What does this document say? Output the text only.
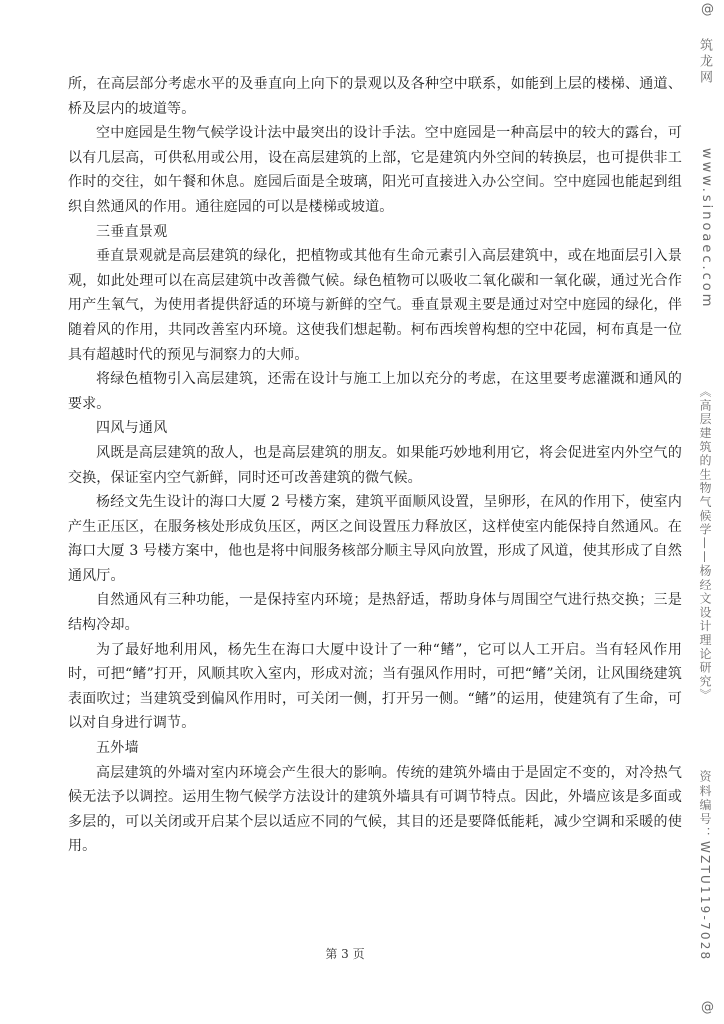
所，在高层部分考虑水平的及垂直向上向下的景观以及各种空中联系，如能到上层的楼梯、通道、桥及层内的坡道等。

空中庭园是生物气候学设计法中最突出的设计手法。空中庭园是一种高层中的较大的露台，可以有几层高，可供私用或公用，设在高层建筑的上部，它是建筑内外空间的转换层，也可提供非工作时的交往，如午餐和休息。庭园后面是全玻璃，阳光可直接进入办公空间。空中庭园也能起到组织自然通风的作用。通往庭园的可以是楼梯或坡道。

三垂直景观

垂直景观就是高层建筑的绿化，把植物或其他有生命元素引入高层建筑中，或在地面层引入景观，如此处理可以在高层建筑中改善微气候。绿色植物可以吸收二氧化碳和一氧化碳，通过光合作用产生氧气，为使用者提供舒适的环境与新鲜的空气。垂直景观主要是通过对空中庭园的绿化，伴随着风的作用，共同改善室内环境。这使我们想起勒。柯布西埃曾构想的空中花园，柯布真是一位具有超越时代的预见与洞察力的大师。

将绿色植物引入高层建筑，还需在设计与施工上加以充分的考虑，在这里要考虑灌溉和通风的要求。

四风与通风

风既是高层建筑的敌人，也是高层建筑的朋友。如果能巧妙地利用它，将会促进室内外空气的交换，保证室内空气新鲜，同时还可改善建筑的微气候。

杨经文先生设计的海口大厦 2 号楼方案，建筑平面顺风设置，呈卵形，在风的作用下，使室内产生正压区，在服务核处形成负压区，两区之间设置压力释放区，这样使室内能保持自然通风。在海口大厦 3 号楼方案中，他也是将中间服务核部分顺主导风向放置，形成了风道，使其形成了自然通风厅。

自然通风有三种功能，一是保持室内环境；是热舒适，帮助身体与周围空气进行热交换；三是结构冷却。

为了最好地利用风，杨先生在海口大厦中设计了一种“鳍”，它可以人工开启。当有轻风作用时，可把“鳍”打开，风顺其吹入室内，形成对流；当有强风作用时，可把“鳍”关闭，让风围绕建筑表面吹过；当建筑受到偏风作用时，可关闭一侧，打开另一侧。“鳍”的运用，使建筑有了生命，可以对自身进行调节。

五外墙

高层建筑的外墙对室内环境会产生很大的影响。传统的建筑外墙由于是固定不变的，对冷热气候无法予以调控。运用生物气候学方法设计的建筑外墙具有可调节特点。因此，外墙应该是多面或多层的，可以关闭或开启某个层以适应不同的气候，其目的还是要降低能耗，减少空调和采暖的使用。

第 3 页
@
筑龙网
www.sinoaec.com
《高层建筑的生物气候学——杨经文设计理论研究》
资料编号：WZTU119-7028
@
